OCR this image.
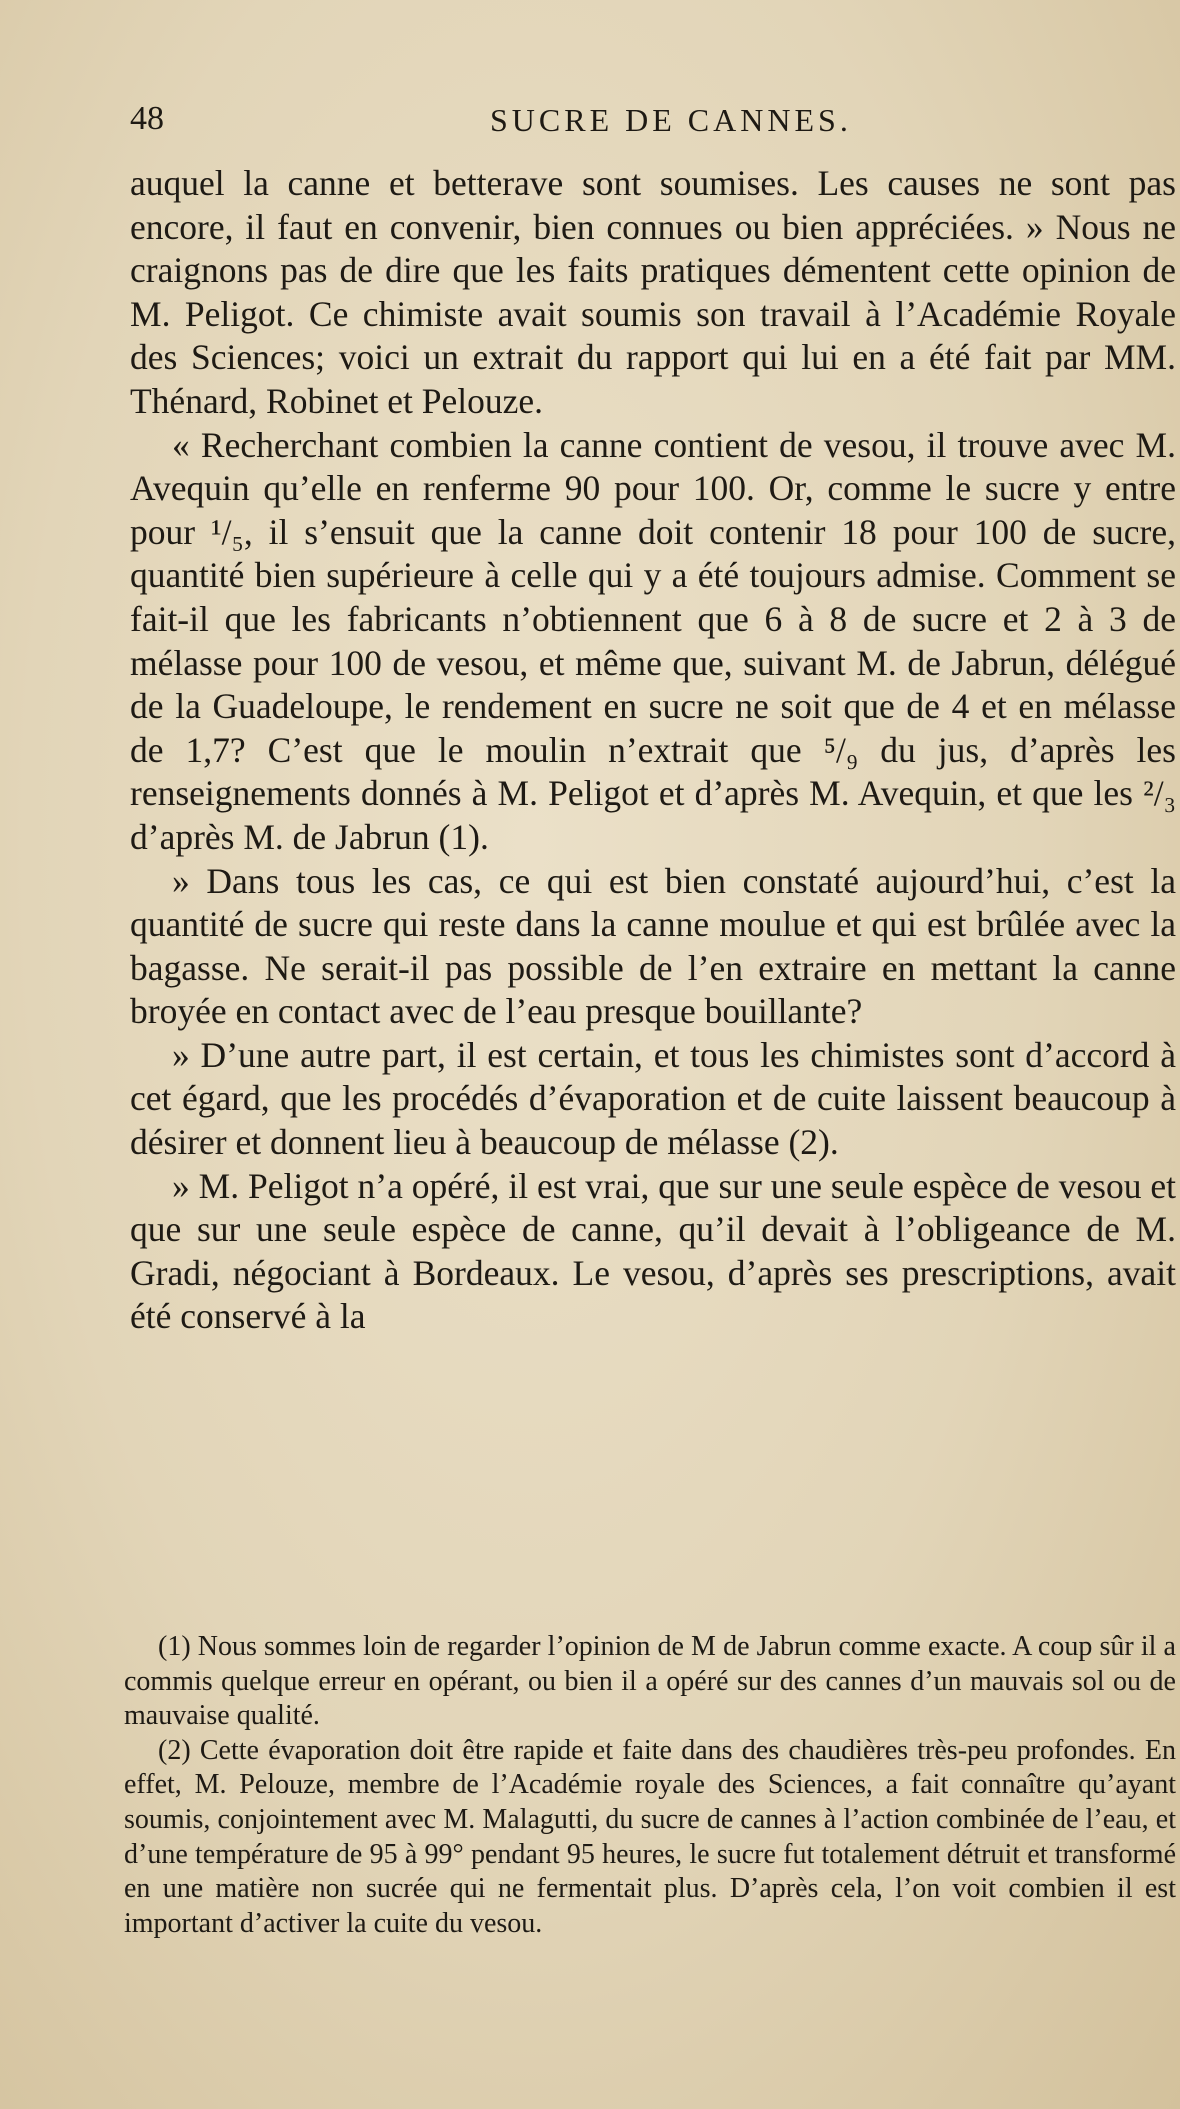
48	SUCRE DE CANNES.

auquel la canne et betterave sont soumises. Les causes ne sont pas encore, il faut en convenir, bien connues ou bien appréciées. » Nous ne craignons pas de dire que les faits pratiques démentent cette opinion de M. Peligot. Ce chimiste avait soumis son travail à l’Académie Royale des Sciences; voici un extrait du rapport qui lui en a été fait par MM. Thénard, Robinet et Pelouze.

« Recherchant combien la canne contient de vesou, il trouve avec M. Avequin qu’elle en renferme 90 pour 100. Or, comme le sucre y entre pour ¹/₅, il s’ensuit que la canne doit contenir 18 pour 100 de sucre, quantité bien supérieure à celle qui y a été toujours admise. Comment se fait-il que les fabricants n’obtiennent que 6 à 8 de sucre et 2 à 3 de mélasse pour 100 de vesou, et même que, suivant M. de Jabrun, délégué de la Guadeloupe, le rendement en sucre ne soit que de 4 et en mélasse de 1,7? C’est que le moulin n’extrait que ⁵/₉ du jus, d’après les renseignements donnés à M. Peligot et d’après M. Avequin, et que les ²/₃ d’après M. de Jabrun (1).

» Dans tous les cas, ce qui est bien constaté aujourd’hui, c’est la quantité de sucre qui reste dans la canne moulue et qui est brûlée avec la bagasse. Ne serait-il pas possible de l’en extraire en mettant la canne broyée en contact avec de l’eau presque bouillante?

» D’une autre part, il est certain, et tous les chimistes sont d’accord à cet égard, que les procédés d’évaporation et de cuite laissent beaucoup à désirer et donnent lieu à beaucoup de mélasse (2).

» M. Peligot n’a opéré, il est vrai, que sur une seule espèce de vesou et que sur une seule espèce de canne, qu’il devait à l’obligeance de M. Gradi, négociant à Bordeaux. Le vesou, d’après ses prescriptions, avait été conservé à la

(1) Nous sommes loin de regarder l’opinion de M de Jabrun comme exacte. A coup sûr il a commis quelque erreur en opérant, ou bien il a opéré sur des cannes d’un mauvais sol ou de mauvaise qualité.

(2) Cette évaporation doit être rapide et faite dans des chaudières très-peu profondes. En effet, M. Pelouze, membre de l’Académie royale des Sciences, a fait connaître qu’ayant soumis, conjointement avec M. Malagutti, du sucre de cannes à l’action combinée de l’eau, et d’une température de 95 à 99° pendant 95 heures, le sucre fut totalement détruit et transformé en une matière non sucrée qui ne fermentait plus. D’après cela, l’on voit combien il est important d’activer la cuite du vesou.
